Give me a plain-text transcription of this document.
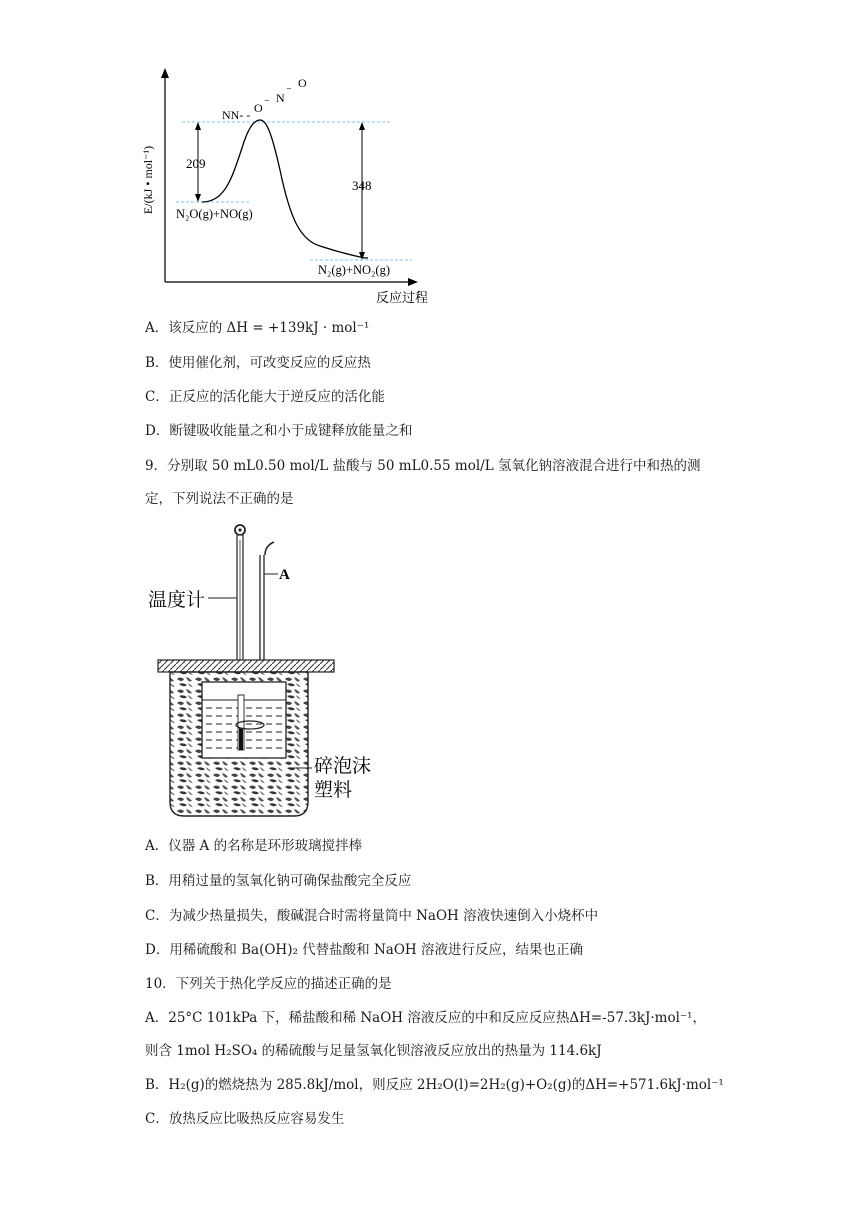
E/(kJ • mol⁻¹)
反应过程
NN- - O ⁻ N ⁻
O
209
348
N₂O(g)+NO(g)
N₂(g)+NO₂(g)
A．该反应的 ΔH = +139kJ · mol⁻¹
B．使用催化剂，可改变反应的反应热
C．正反应的活化能大于逆反应的活化能
D．断键吸收能量之和小于成键释放能量之和
9．分别取 50 mL0.50 mol/L 盐酸与 50 mL0.55 mol/L 氢氧化钠溶液混合进行中和热的测
定，下列说法不正确的是
A
温度计
碎泡沫
塑料
A．仪器 A 的名称是环形玻璃搅拌棒
B．用稍过量的氢氧化钠可确保盐酸完全反应
C．为减少热量损失，酸碱混合时需将量筒中 NaOH 溶液快速倒入小烧杯中
D．用稀硫酸和 Ba(OH)₂ 代替盐酸和 NaOH 溶液进行反应，结果也正确
10．下列关于热化学反应的描述正确的是
A．25°C 101kPa 下，稀盐酸和稀 NaOH 溶液反应的中和反应反应热ΔH=-57.3kJ·mol⁻¹，
则含 1mol H₂SO₄ 的稀硫酸与足量氢氧化钡溶液反应放出的热量为 114.6kJ
B．H₂(g)的燃烧热为 285.8kJ/mol，则反应 2H₂O(l)=2H₂(g)+O₂(g)的ΔH=+571.6kJ·mol⁻¹
C．放热反应比吸热反应容易发生
